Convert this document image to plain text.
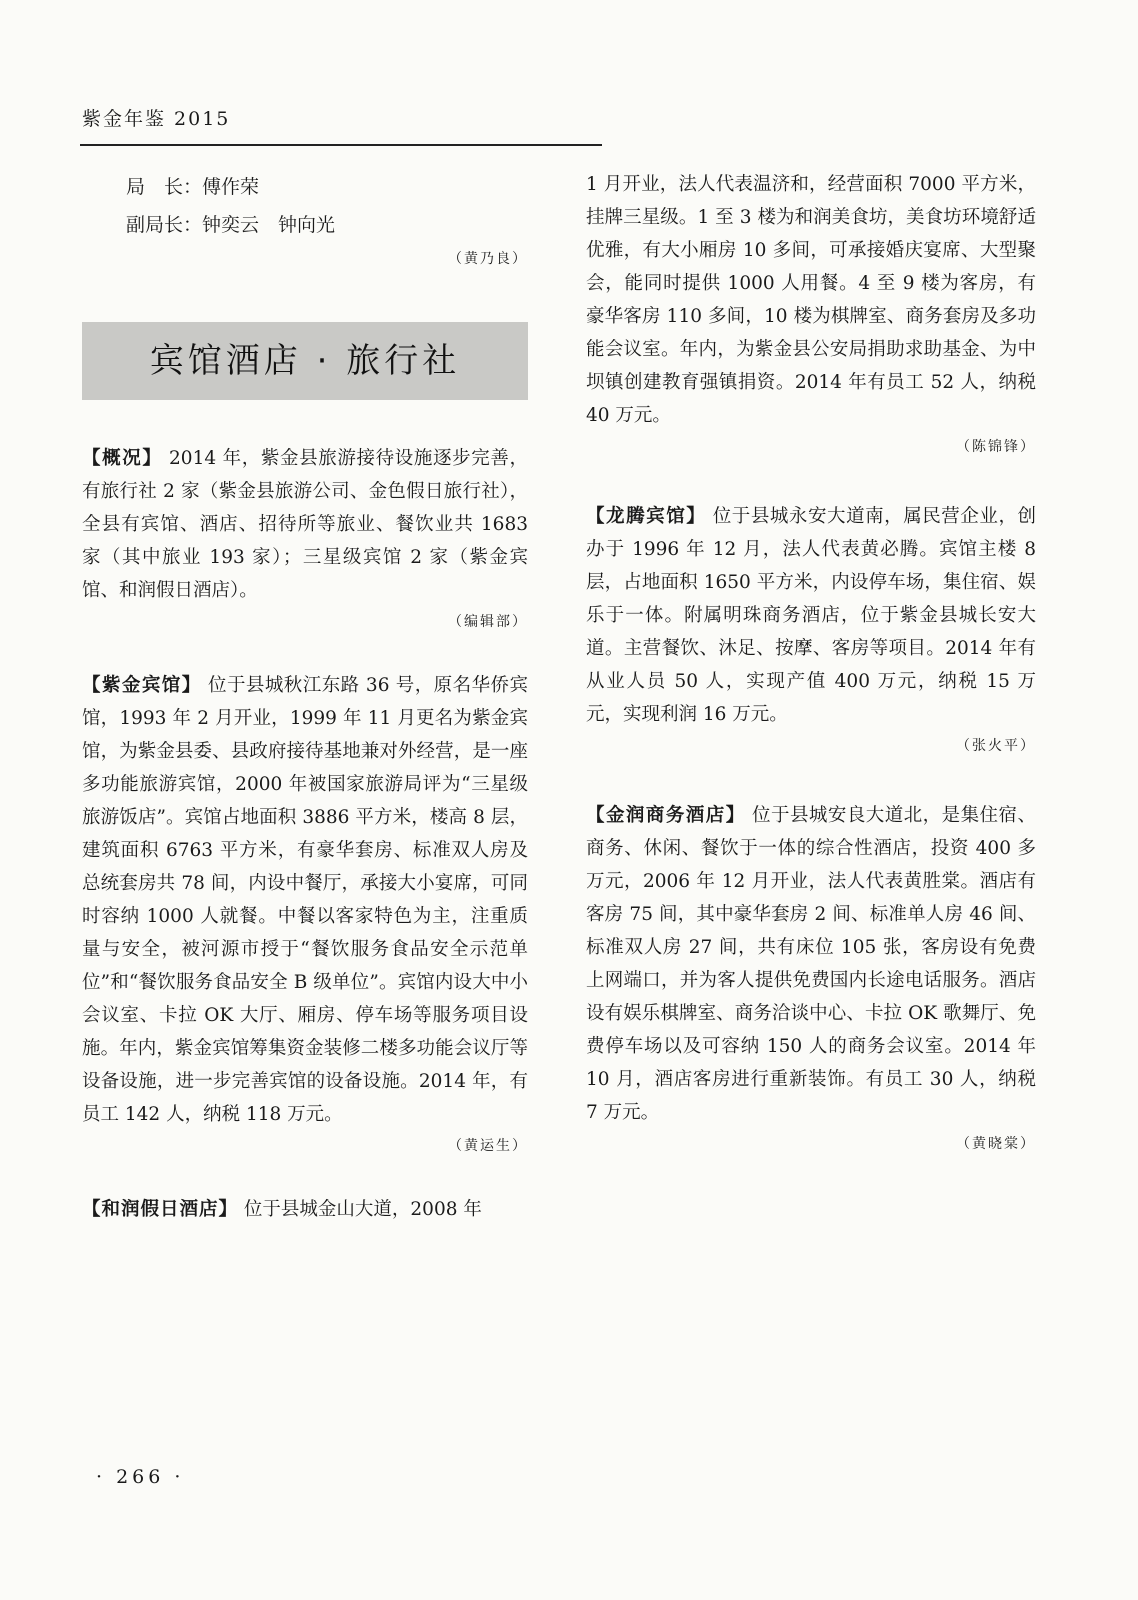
紫金年鉴 2015

局　长：傅作荣

副局长：钟奕云　钟向光

（黄乃良）

宾馆酒店 · 旅行社

【概况】 2014 年，紫金县旅游接待设施逐步完善，有旅行社 2 家（紫金县旅游公司、金色假日旅行社），全县有宾馆、酒店、招待所等旅业、餐饮业共 1683 家（其中旅业 193 家）；三星级宾馆 2 家（紫金宾馆、和润假日酒店）。

（编辑部）

【紫金宾馆】 位于县城秋江东路 36 号，原名华侨宾馆，1993 年 2 月开业，1999 年 11 月更名为紫金宾馆，为紫金县委、县政府接待基地兼对外经营，是一座多功能旅游宾馆，2000 年被国家旅游局评为“三星级旅游饭店”。宾馆占地面积 3886 平方米，楼高 8 层，建筑面积 6763 平方米，有豪华套房、标准双人房及总统套房共 78 间，内设中餐厅，承接大小宴席，可同时容纳 1000 人就餐。中餐以客家特色为主，注重质量与安全，被河源市授于“餐饮服务食品安全示范单位”和“餐饮服务食品安全 B 级单位”。宾馆内设大中小会议室、卡拉 OK 大厅、厢房、停车场等服务项目设施。年内，紫金宾馆筹集资金装修二楼多功能会议厅等设备设施，进一步完善宾馆的设备设施。2014 年，有员工 142 人，纳税 118 万元。

（黄运生）

【和润假日酒店】 位于县城金山大道，2008 年

1 月开业，法人代表温济和，经营面积 7000 平方米，挂牌三星级。1 至 3 楼为和润美食坊，美食坊环境舒适优雅，有大小厢房 10 多间，可承接婚庆宴席、大型聚会，能同时提供 1000 人用餐。4 至 9 楼为客房，有豪华客房 110 多间，10 楼为棋牌室、商务套房及多功能会议室。年内，为紫金县公安局捐助求助基金、为中坝镇创建教育强镇捐资。2014 年有员工 52 人，纳税 40 万元。

（陈锦锋）

【龙腾宾馆】 位于县城永安大道南，属民营企业，创办于 1996 年 12 月，法人代表黄必腾。宾馆主楼 8 层，占地面积 1650 平方米，内设停车场，集住宿、娱乐于一体。附属明珠商务酒店，位于紫金县城长安大道。主营餐饮、沐足、按摩、客房等项目。2014 年有从业人员 50 人，实现产值 400 万元，纳税 15 万元，实现利润 16 万元。

（张火平）

【金润商务酒店】 位于县城安良大道北，是集住宿、商务、休闲、餐饮于一体的综合性酒店，投资 400 多万元，2006 年 12 月开业，法人代表黄胜棠。酒店有客房 75 间，其中豪华套房 2 间、标准单人房 46 间、标准双人房 27 间，共有床位 105 张，客房设有免费上网端口，并为客人提供免费国内长途电话服务。酒店设有娱乐棋牌室、商务洽谈中心、卡拉 OK 歌舞厅、免费停车场以及可容纳 150 人的商务会议室。2014 年 10 月，酒店客房进行重新装饰。有员工 30 人，纳税 7 万元。

（黄晓棠）

· 266 ·
